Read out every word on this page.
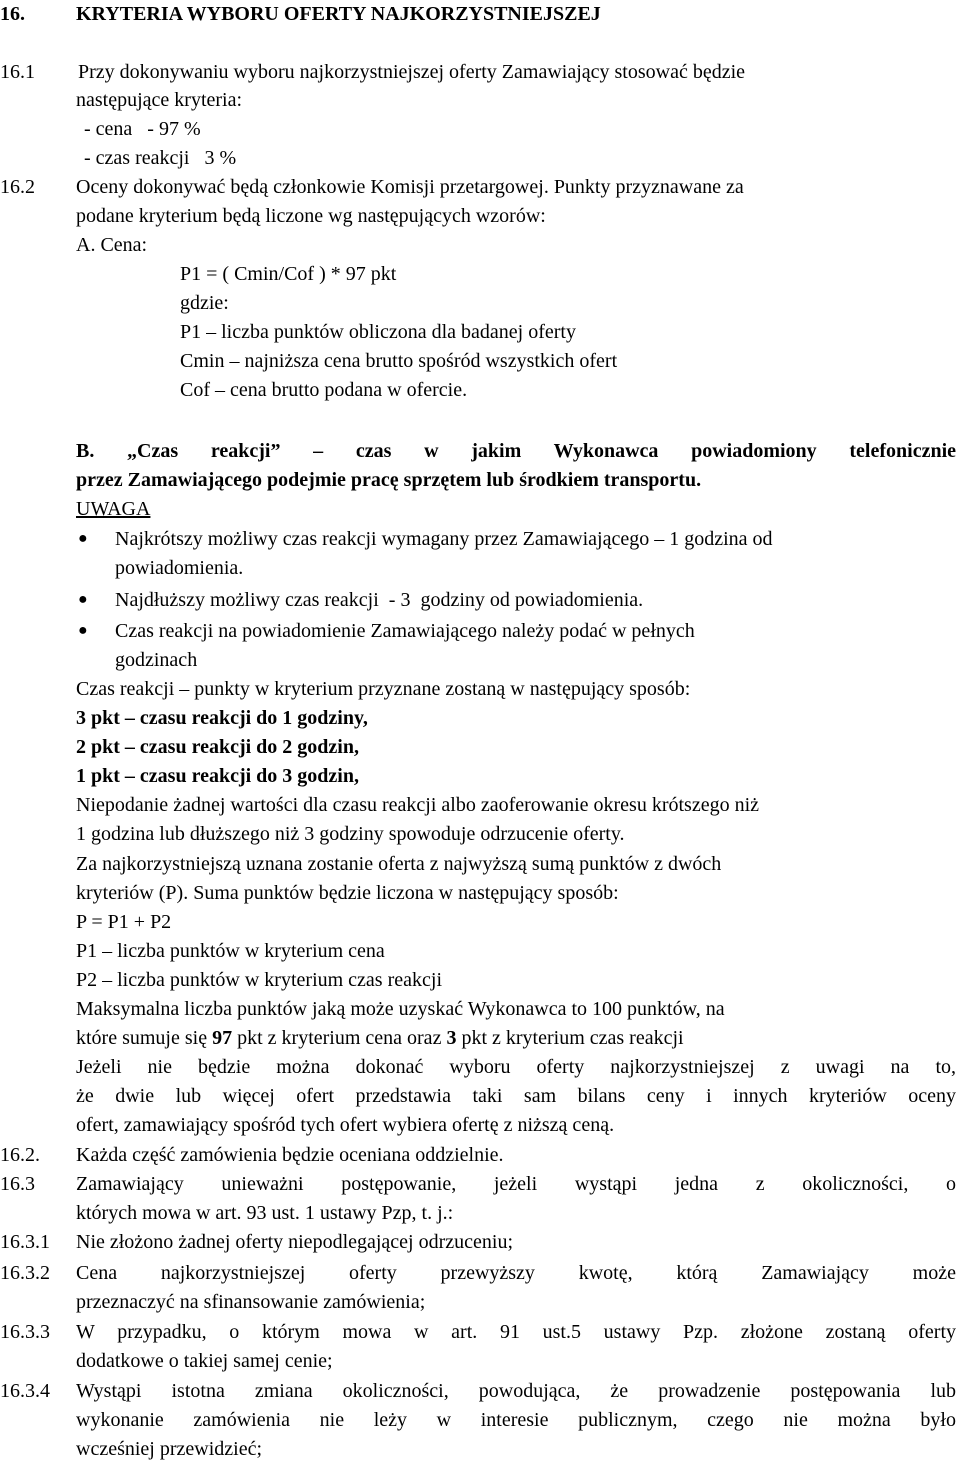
16.	KRYTERIA WYBORU OFERTY NAJKORZYSTNIEJSZEJ
16.1 Przy dokonywaniu wyboru najkorzystniejszej oferty Zamawiający stosować będzie
następujące kryteria:
- cena   - 97 %
- czas reakcji   3 %
16.2 Oceny dokonywać będą członkowie Komisji przetargowej. Punkty przyznawane za
podane kryterium będą liczone wg następujących wzorów:
A. Cena:
P1 = ( Cmin/Cof ) * 97 pkt
gdzie:
P1 – liczba punktów obliczona dla badanej oferty
Cmin – najniższa cena brutto spośród wszystkich ofert
Cof – cena brutto podana w ofercie.
B. „Czas reakcji” – czas w jakim Wykonawca powiadomiony telefonicznie
przez Zamawiającego podejmie pracę sprzętem lub środkiem transportu.
UWAGA
● Najkrótszy możliwy czas reakcji wymagany przez Zamawiającego – 1 godzina od
powiadomienia.
● Najdłuższy możliwy czas reakcji  - 3  godziny od powiadomienia.
● Czas reakcji na powiadomienie Zamawiającego należy podać w pełnych
godzinach
Czas reakcji – punkty w kryterium przyznane zostaną w następujący sposób:
3 pkt – czasu reakcji do 1 godziny,
2 pkt – czasu reakcji do 2 godzin,
1 pkt – czasu reakcji do 3 godzin,
Niepodanie żadnej wartości dla czasu reakcji albo zaoferowanie okresu krótszego niż
1 godzina lub dłuższego niż 3 godziny spowoduje odrzucenie oferty.
Za najkorzystniejszą uznana zostanie oferta z najwyższą sumą punktów z dwóch
kryteriów (P). Suma punktów będzie liczona w następujący sposób:
P = P1 + P2
P1 – liczba punktów w kryterium cena
P2 – liczba punktów w kryterium czas reakcji
Maksymalna liczba punktów jaką może uzyskać Wykonawca to 100 punktów, na
które sumuje się 97 pkt z kryterium cena oraz 3 pkt z kryterium czas reakcji
Jeżeli nie będzie można dokonać wyboru oferty najkorzystniejszej z uwagi na to,
że dwie lub więcej ofert przedstawia taki sam bilans ceny i innych kryteriów oceny
ofert, zamawiający spośród tych ofert wybiera ofertę z niższą ceną.
16.2. Każda część zamówienia będzie oceniana oddzielnie.
16.3 Zamawiający unieważni postępowanie, jeżeli wystąpi jedna z okoliczności, o
których mowa w art. 93 ust. 1 ustawy Pzp, t. j.:
16.3.1 Nie złożono żadnej oferty niepodlegającej odrzuceniu;
16.3.2 Cena najkorzystniejszej oferty przewyższy kwotę, którą Zamawiający może
przeznaczyć na sfinansowanie zamówienia;
16.3.3 W przypadku, o którym mowa w art. 91 ust.5 ustawy Pzp. złożone zostaną oferty
dodatkowe o takiej samej cenie;
16.3.4 Wystąpi istotna zmiana okoliczności, powodująca, że prowadzenie postępowania lub
wykonanie zamówienia nie leży w interesie publicznym, czego nie można było
wcześniej przewidzieć;
